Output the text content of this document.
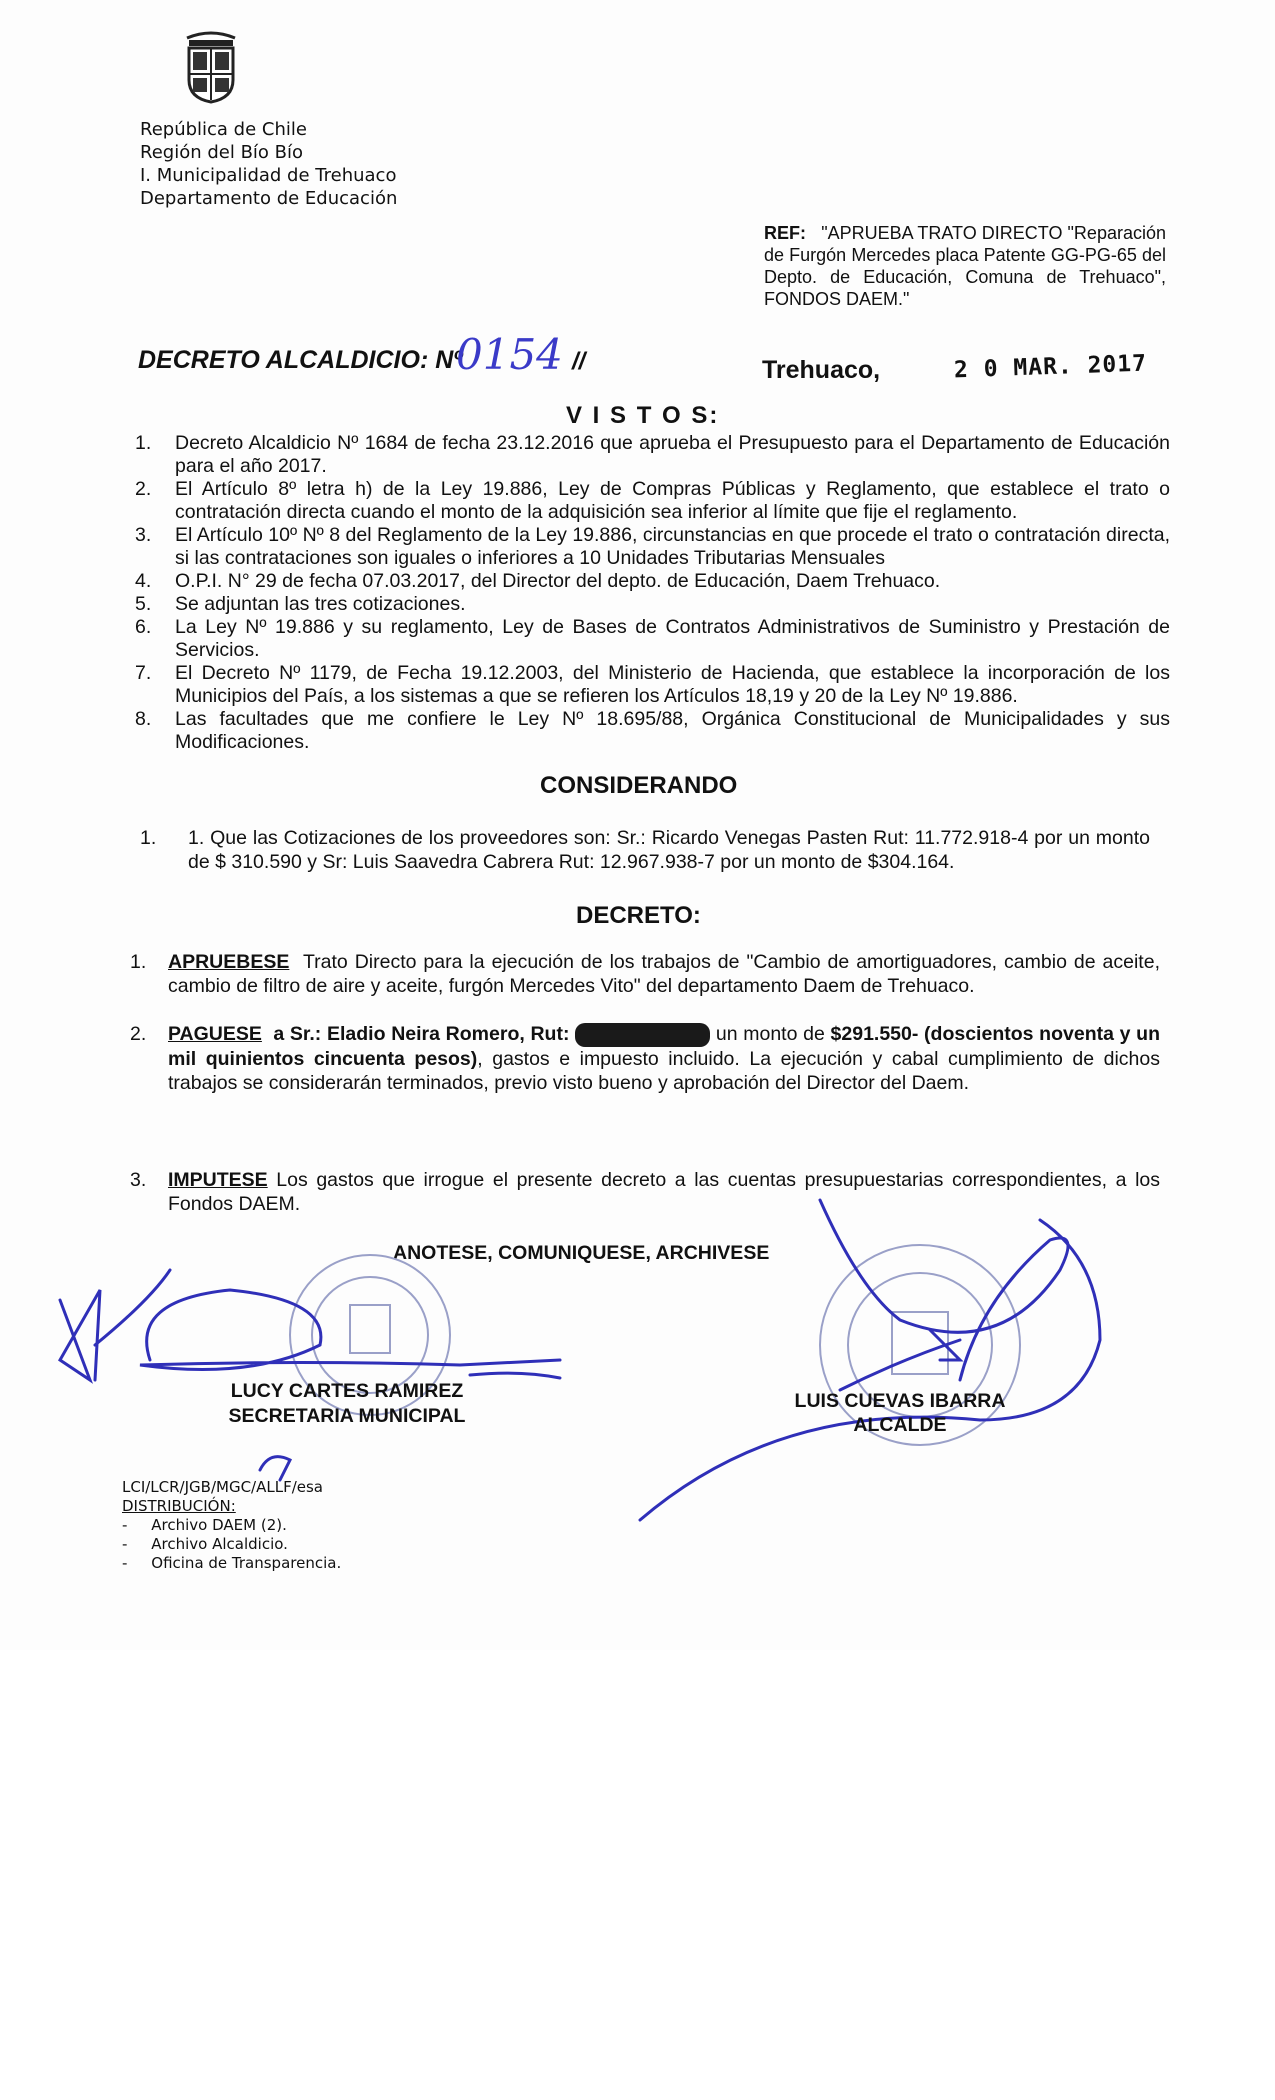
República de Chile
Región del Bío Bío
I. Municipalidad de Trehuaco
Departamento de Educación
REF: "APRUEBA TRATO DIRECTO "Reparación de Furgón Mercedes placa Patente GG-PG-65 del Depto. de Educación, Comuna de Trehuaco", FONDOS DAEM."
DECRETO ALCALDICIO: Nº
0154 //	Trehuaco,	2 0 MAR. 2017
V I S T O S:
1. Decreto Alcaldicio Nº 1684 de fecha 23.12.2016 que aprueba el Presupuesto para el Departamento de Educación para el año 2017.
2. El Artículo 8º letra h) de la Ley 19.886, Ley de Compras Públicas y Reglamento, que establece el trato o contratación directa cuando el monto de la adquisición sea inferior al límite que fije el reglamento.
3. El Artículo 10º Nº 8 del Reglamento de la Ley 19.886, circunstancias en que procede el trato o contratación directa, si las contrataciones son iguales o inferiores a 10 Unidades Tributarias Mensuales
4. O.P.I. N° 29 de fecha 07.03.2017, del Director del depto. de Educación, Daem Trehuaco.
5. Se adjuntan las tres cotizaciones.
6. La Ley Nº 19.886 y su reglamento, Ley de Bases de Contratos Administrativos de Suministro y Prestación de Servicios.
7. El Decreto Nº 1179, de Fecha 19.12.2003, del Ministerio de Hacienda, que establece la incorporación de los Municipios del País, a los sistemas a que se refieren los Artículos 18,19 y 20 de la Ley Nº 19.886.
8. Las facultades que me confiere le Ley Nº 18.695/88, Orgánica Constitucional de Municipalidades y sus Modificaciones.
CONSIDERANDO
1. 1. Que las Cotizaciones de los proveedores son: Sr.: Ricardo Venegas Pasten Rut: 11.772.918-4 por un monto de $ 310.590 y Sr: Luis Saavedra Cabrera Rut: 12.967.938-7 por un monto de $304.164.
DECRETO:
1. APRUEBESE Trato Directo para la ejecución de los trabajos de "Cambio de amortiguadores, cambio de aceite, cambio de filtro de aire y aceite, furgón Mercedes Vito" del departamento Daem de Trehuaco.
2. PAGUESE a Sr.: Eladio Neira Romero, Rut:	un monto de $291.550- (doscientos noventa y un mil quinientos cincuenta pesos), gastos e impuesto incluido. La ejecución y cabal cumplimiento de dichos trabajos se considerarán terminados, previo visto bueno y aprobación del Director del Daem.
3. IMPUTESE Los gastos que irrogue el presente decreto a las cuentas presupuestarias correspondientes, a los Fondos DAEM.
ANOTESE, COMUNIQUESE, ARCHIVESE
LUCY CARTES RAMIREZ
SECRETARIA MUNICIPAL
LUIS CUEVAS IBARRA
ALCALDE
LCI/LCR/JGB/MGC/ALLF/esa
DISTRIBUCIÓN:
-     Archivo DAEM (2).
-     Archivo Alcaldicio.
-     Oficina de Transparencia.
